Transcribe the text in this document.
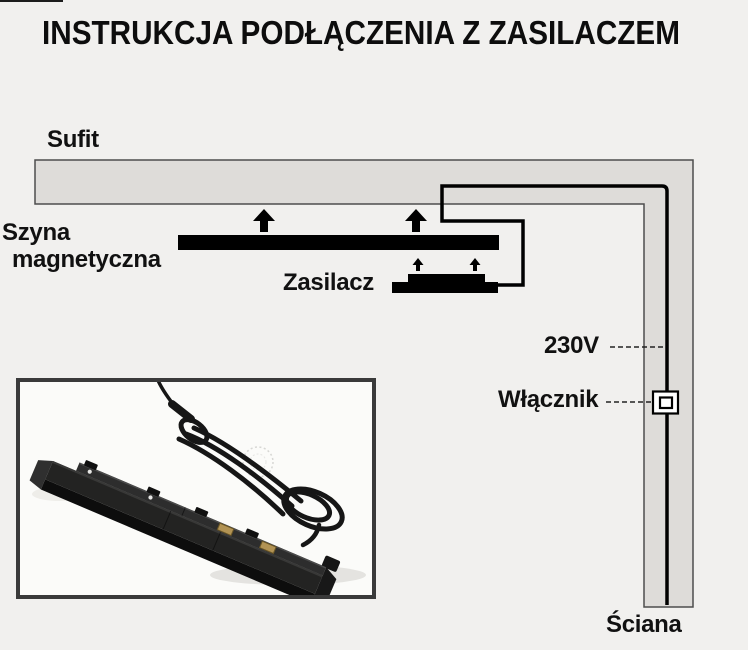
INSTRUKCJA PODŁĄCZENIA Z ZASILACZEM
Sufit
Szyna
magnetyczna
Zasilacz
230V
Włącznik
Ściana
